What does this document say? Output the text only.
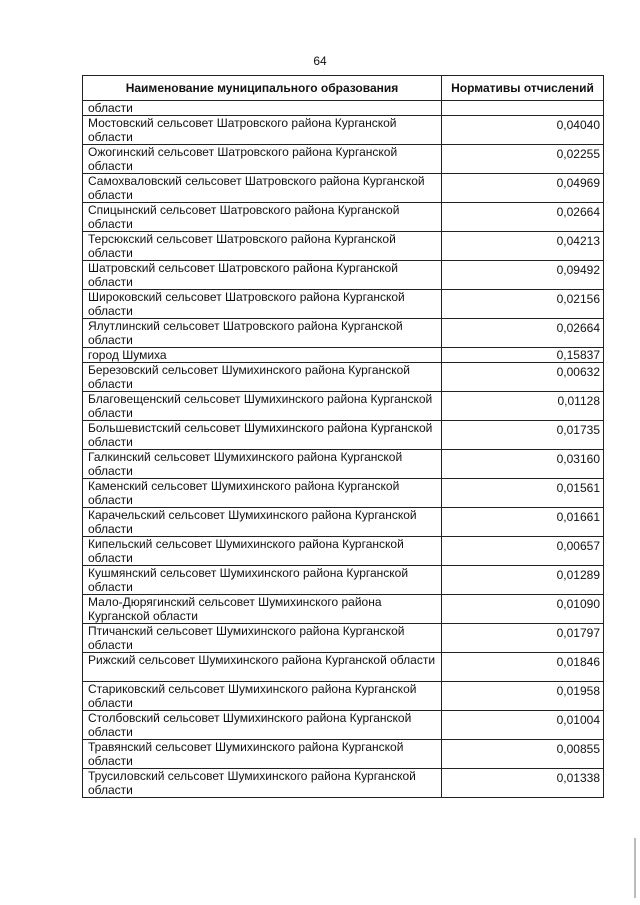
64
Наименование муниципального образования	Нормативы отчислений
области	
Мостовский сельсовет Шатровского района Курганской области	0,04040
Ожогинский сельсовет Шатровского района Курганской области	0,02255
Самохваловский сельсовет Шатровского района Курганской области	0,04969
Спицынский сельсовет Шатровского района Курганской области	0,02664
Терсюкский сельсовет Шатровского района Курганской области	0,04213
Шатровский сельсовет Шатровского района Курганской области	0,09492
Широковский сельсовет Шатровского района Курганской области	0,02156
Ялутлинский сельсовет Шатровского района Курганской области	0,02664
город Шумиха	0,15837
Березовский сельсовет Шумихинского района Курганской области	0,00632
Благовещенский сельсовет Шумихинского района Курганской области	0,01128
Большевистский сельсовет Шумихинского района Курганской области	0,01735
Галкинский сельсовет Шумихинского района Курганской области	0,03160
Каменский сельсовет Шумихинского района Курганской области	0,01561
Карачельский сельсовет Шумихинского района Курганской области	0,01661
Кипельский сельсовет Шумихинского района Курганской области	0,00657
Кушмянский сельсовет Шумихинского района Курганской области	0,01289
Мало-Дюрягинский сельсовет Шумихинского района Курганской области	0,01090
Птичанский сельсовет Шумихинского района Курганской области	0,01797
Рижский сельсовет Шумихинского района Курганской области	0,01846
Стариковский сельсовет Шумихинского района Курганской области	0,01958
Столбовский сельсовет Шумихинского района Курганской области	0,01004
Травянский сельсовет Шумихинского района Курганской области	0,00855
Трусиловский сельсовет Шумихинского района Курганской области	0,01338
